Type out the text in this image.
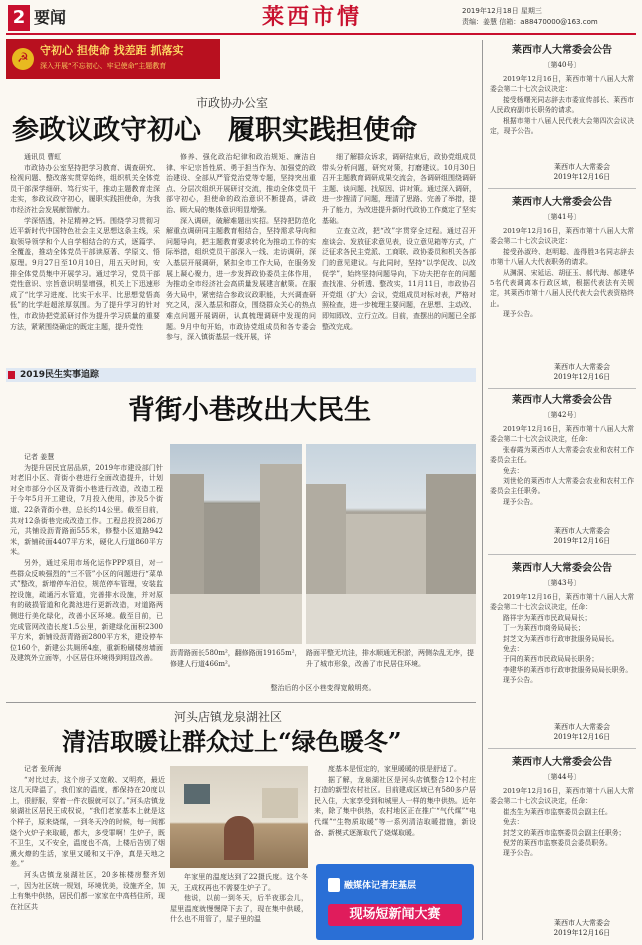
2 要闻	莱西市情	2019年12月18日 星期三
责编：姜慧 信箱：a88470000@163.com
☭
守初心 担使命 找差距 抓落实
深入开展“不忘初心、牢记使命”主题教育
市政协办公室
参政议政守初心　履职实践担使命

通讯员 曹虹

市政协办公室坚持把学习教育、调查研究、检视问题、整改落实贯穿始终，组织机关全体党员干部深学细研、笃行实干，推动主题教育走深走实，参政议政守初心，履职实践担使命，为我市经济社会发展献智献力。

学深悟透，补足精神之钙。围绕学习贯彻习近平新时代中国特色社会主义思想这条主线，采取领导领学和个人自学相结合的方式，逐篇学、全覆盖，推动全体党员干部读原著、学原文、悟原理。9月27日至10月10日，用五天时间，安排全体党员集中开展学习。通过学习，党员干部党性意识、宗旨意识明显增强，机关上下迅速形成了“比学习进度、比实干水平、比思想觉悟高低”的比学赶超浓厚氛围。为了提升学习的针对性，市政协把党派研讨作为提升学习质量的重要方法，紧紧围绕确定的既定主题，提升党性

修养、强化政治纪律和政治规矩、廉洁自律、牢记宗旨性质、勇于担当作为、加强党的政治建设、全部从严管党治党等专题，坚持突出重点、分层次组织开展研讨交流，推动全体党员干部守初心，担使命的政治意识不断提高，讲政治、顾大局的集体意识明显增强。

深入调研，破解难题出实招。坚持把防范化解重点调研同主题教育相结合，坚持需求导向和问题导向，把主题教育要求转化为推动工作的实际举措，组织党员干部深入一线、走访调研，深入基层开展调研，紧扣全市工作大局，在服务发展上凝心聚力，进一步发挥政协委员主体作用，为推动全市经济社会高质量发展建言献策。在服务大局中，紧密结合参政议政职能，大兴调查研究之风，深入基层和群众，围绕群众关心的热点难点问题开展调研，认真梳理调研中发现的问题。9月中旬开始，市政协党组成员和各专委会参与，深入镇街基层一线开展，详

细了解群众诉求，调研结束后，政协党组成员带头分析问题，研究对策，打磨建议。10月30日召开主题教育调研成果交流会，各调研组围绕调研主题、谈问题、找原因、讲对策。通过深入调研，进一步搜清了问题，理清了思路、完善了举措，提升了能力，为改进提升新时代政协工作奠定了坚实基础。

立查立改，把“改”字贯穿全过程。通过召开座谈会、发放征求意见表，设立意见箱等方式，广泛征求各民主党派、工商联、政协委员和机关各部门的意见建议。与此同时，坚持“以学促改、以改促学”，始终坚持问题导向，下功夫把存在的问题查找准、分析透、整改实，11月11日，市政协召开党组（扩大）会议，党组成员对标对表，严格对照检查，进一步梳理主要问题，在思想、主动改、即知即改、立行立改。目前，查摆出的问题已全部整改完成。

2019民生实事追踪
背街小巷改出大民生

记者 姜慧

为提升居民宜居品质，2019年市建设部门针对老旧小区、背街小巷进行全面改造提升，计划对全市部分小区及背街小巷进行改造，改造工程于今年5月开工建设，7月投入使用，涉及5个街道、22条背街小巷，总长约14公里。截至目前，共对12条街巷完成改造工作。工程总投资286万元，共铺设沥青路面555米，修整小区道路942米，新铺砖面4407平方米，硬化人行道860平方米。

另外，通过采用市场化运作PPP项目，对一些群众反映强烈的“三不管”小区的问题进行“菜单式”整改，新增停车泊位，规范停车管理，安装监控设施，疏通污水管道，完善排水设施，并对原有的破损管道和化粪池进行更新改造，对道路两侧进行美化绿化，改善小区环境。截至目前，已完成管网改造长度1.5公里，新建绿化面积2300平方米，新铺设沥青路面2800平方米，建设停车位160个，新建公共厕所4座，重新粉刷楼房墙面及建筑外立面等，小区居住环境得到明显改善。

沥青路面长580m²，翻修路面19165m²，修建人行道466m²。
路面平整无坑洼，排水顺通无积淤，两侧杂乱无序，提升了城市形象，改善了市民居住环境。
整治后的小区小巷变得宽敞明亮。
河头店镇龙泉湖社区
清洁取暖让群众过上“绿色暖冬”

记者 张所海

“对比过去，这个房子又宽敞、又明亮，最近这几天降温了，我们家的温度，都保持在20度以上，很舒服，穿着一件衣服就可以了。”河头店镇龙泉湖社区居民王成权说，“我们老家基本上就是这个样子，原来烧煤，一到冬天冷的时候，每一间都烧个火炉子来取暖，都大，多受罪啊！生炉子，既不卫生，又不安全，温度也不高，上楼后告别了烟熏火燎的生活，家里又暖和又干净，真是天地之差。”

河头店镇龙泉湖社区，20多栋楼房整齐划一，因为社区统一规划，环境优美，设施齐全，加上有集中供热，居民们都一家家在中高档住所，现在社区共

年家里的温度达到了22摄氏度。这个冬天，王成权再也不需要生炉子了。

他说，以前一到冬天，后半夜那会儿，屋里温度就慢慢降下去了，现在集中供暖，什么也不用管了，屋子里的温

度基本是恒定的，家里暖暖的很是舒适了。

据了解，龙泉湖社区是河头店镇整合12个村庄打造的新型农村社区。目前建成区域已有580多户居民入住，大家享受到和城里人一样的集中供热。近年来，除了集中供热，农村地区正在推广“气代煤”“电代煤”“生物质取暖”等一系列清洁取暖措施，新设备、新模式逐渐取代了烧煤取暖。

融媒体记者走基层
现场短新闻大赛
莱西市人大常委会公告
〔第40号〕

2019年12月16日，莱西市第十八届人大常委会第二十七次会议决定：

接受杨曙光同志辞去市委宣传部长、莱西市人民政府副市长职务的请求。

根据市第十八届人民代表大会第四次会议决定，现予公告。

莱西市人大常委会
2019年12月16日
莱西市人大常委会公告
〔第41号〕

2019年12月16日，莱西市第十八届人大常委会第二十七次会议决定：

接受孙淑玲、赵明聪、盖得胜3名同志辞去市第十八届人大代表职务的请求。

从渊洞、宋延运、胡征玉、郝代海、郝建华5名代表调离本行政区域，根据代表法有关规定，其莱西市第十八届人民代表大会代表资格终止。

现予公告。

莱西市人大常委会
2019年12月16日
莱西市人大常委会公告
〔第42号〕

2019年12月16日，莱西市第十八届人大常委会第二十七次会议决定，任命：

张春霞为莱西市人大常委会农业和农村工作委员会主任。

免去：

刘世伦的莱西市人大常委会农业和农村工作委员会主任职务。

现予公告。

莱西市人大常委会
2019年12月16日
莱西市人大常委会公告
〔第43号〕

2019年12月16日，莱西市第十八届人大常委会第二十七次会议决定，任命：

路祥宇为莱西市民政局局长；

丁一为莱西市商务局局长；

封芝文为莱西市行政审批服务局局长。

免去：

于同的莱西市民政局局长职务；

李建华的莱西市行政审批服务局局长职务。

现予公告。

莱西市人大常委会
2019年12月16日
莱西市人大常委会公告
〔第44号〕

2019年12月16日，莱西市第十八届人大常委会第二十七次会议决定，任命：

崔杰生为莱西市监察委员会副主任。

免去：

封芝文的莱西市监察委员会副主任职务；

倪芳的莱西市监察委员会委员职务。

现予公告。

莱西市人大常委会
2019年12月16日
